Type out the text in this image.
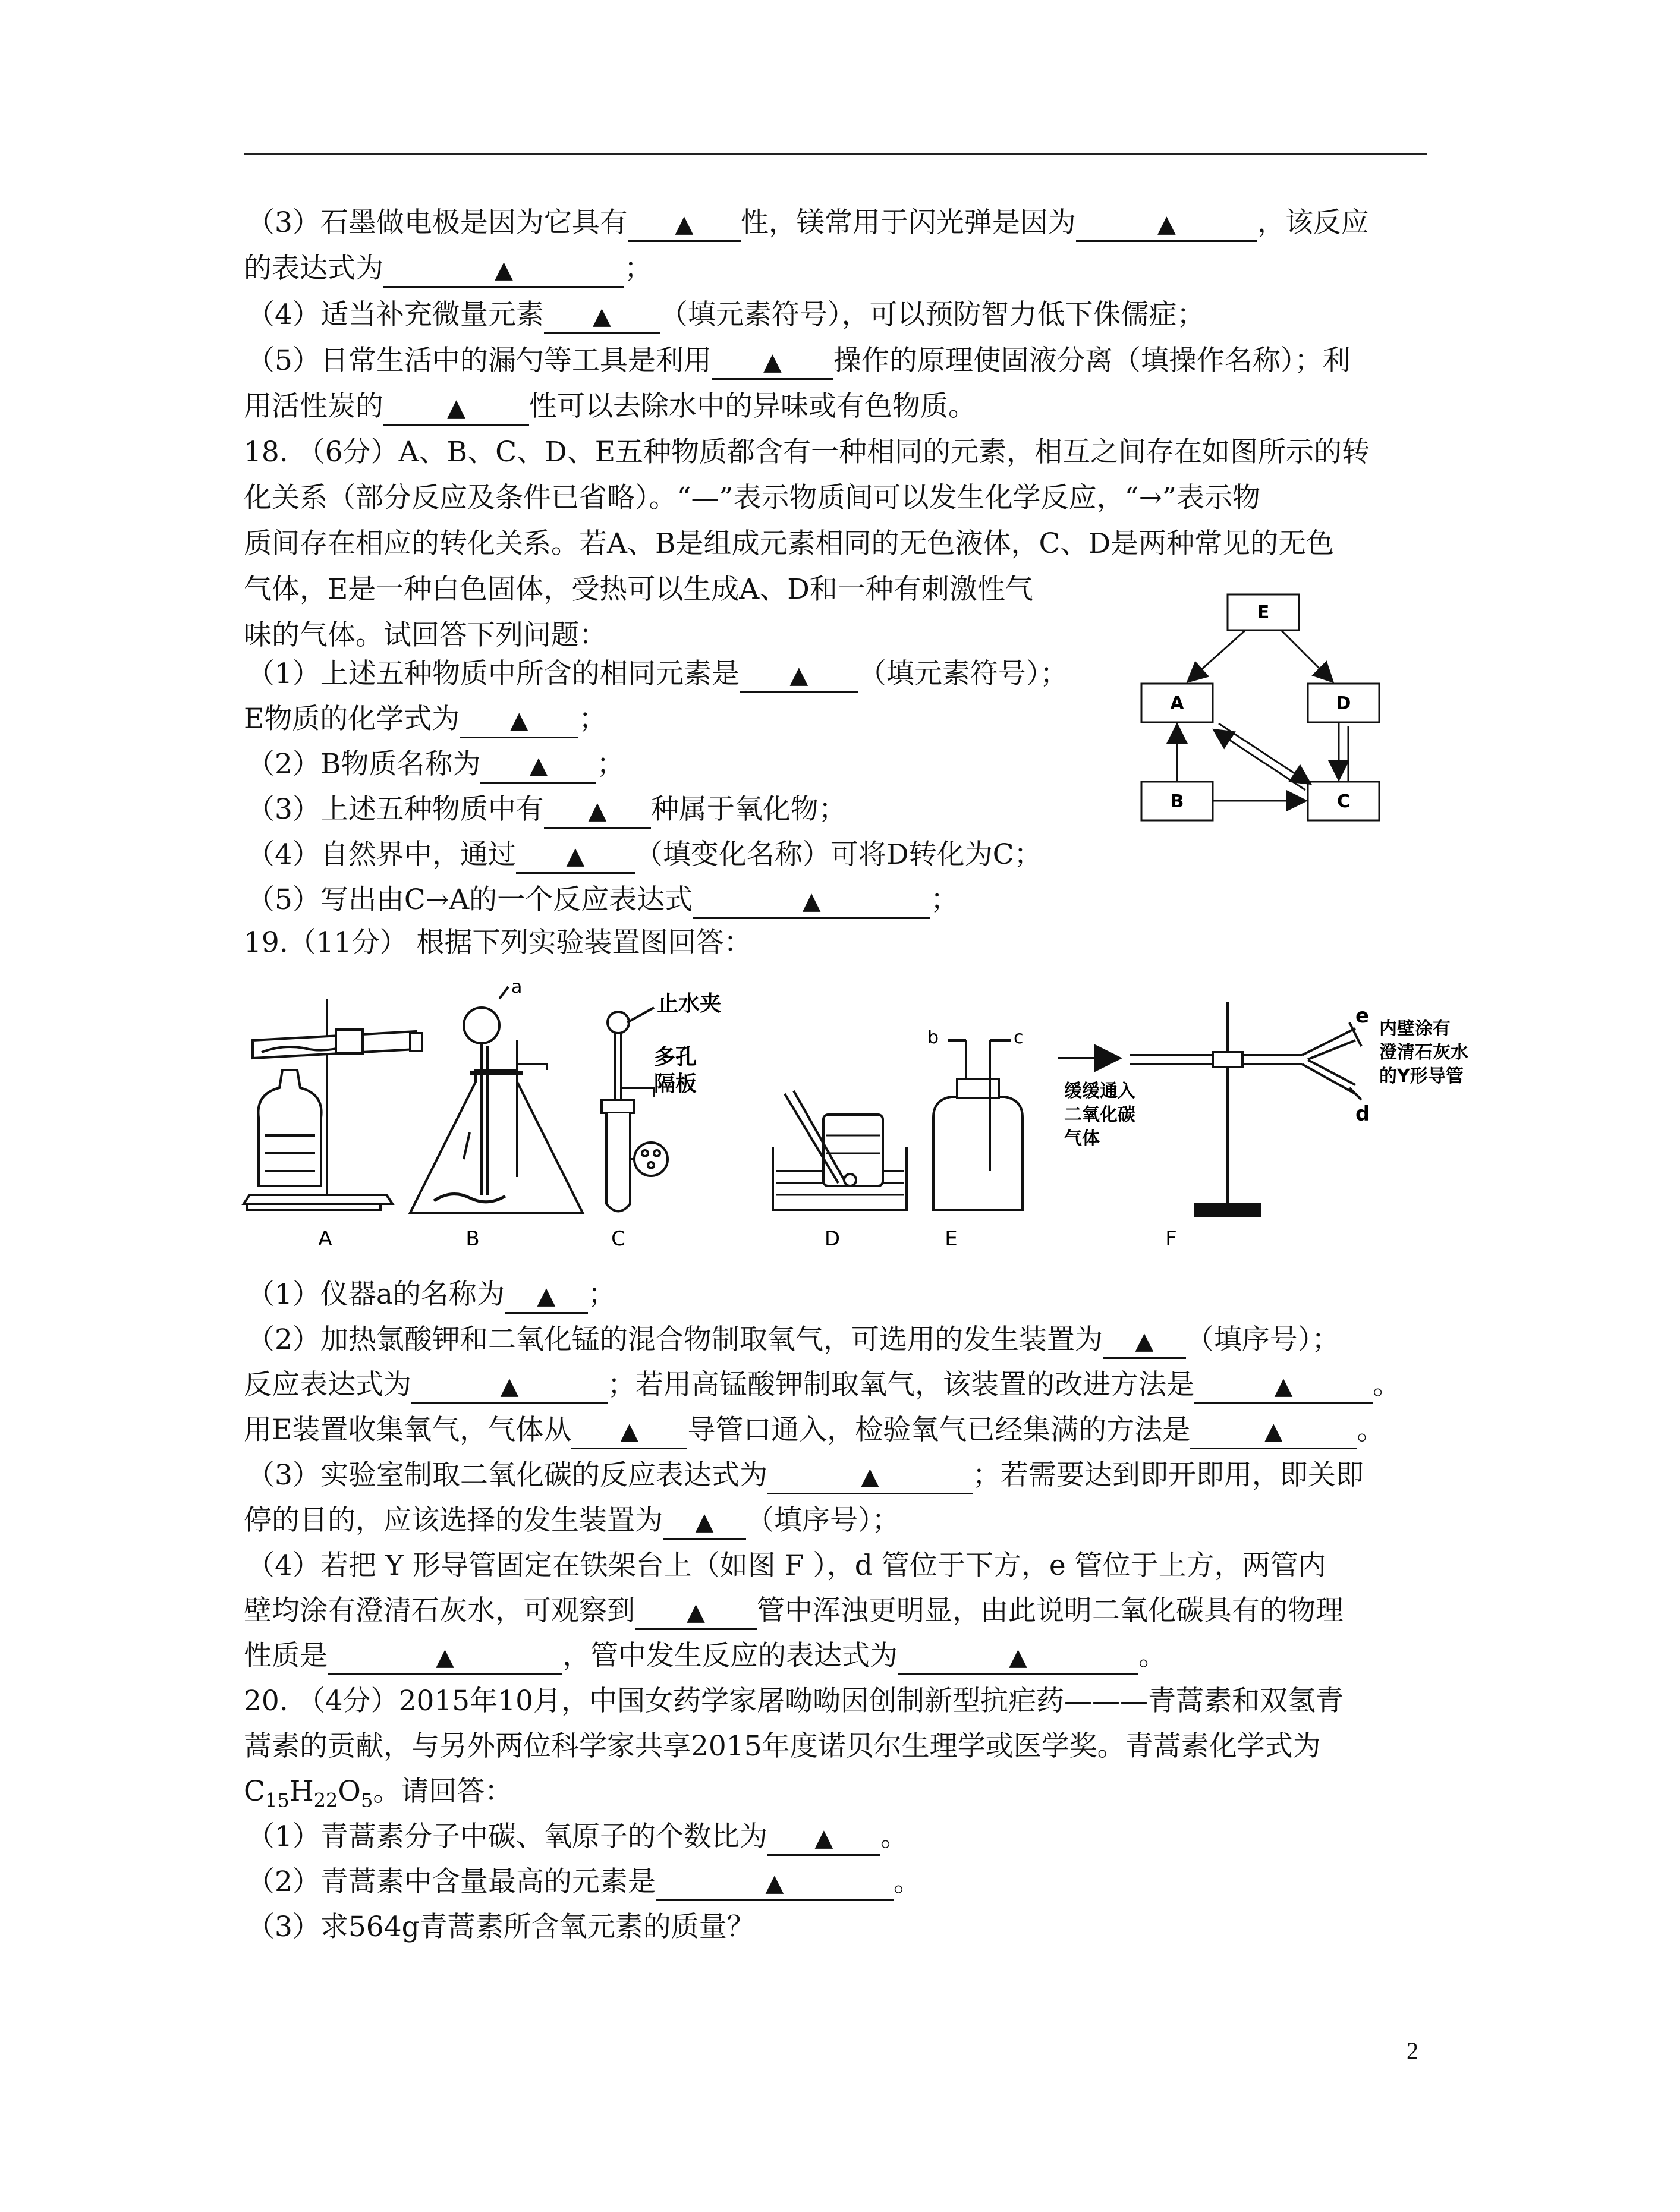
（3）石墨做电极是因为它具有 ▲ 性，镁常用于闪光弹是因为	▲	，该反应
的表达式为	▲	；
（4）适当补充微量元素 ▲ （填元素符号），可以预防智力低下侏儒症；
（5）日常生活中的漏勺等工具是利用 ▲ 操作的原理使固液分离（填操作名称）；利
用活性炭的	▲ 性可以去除水中的异味或有色物质。
18. （6分）A、B、C、D、E五种物质都含有一种相同的元素，相互之间存在如图所示的转
化关系（部分反应及条件已省略）。“—”表示物质间可以发生化学反应，“→”表示物
质间存在相应的转化关系。若A、B是组成元素相同的无色液体，C、D是两种常见的无色
气体，E是一种白色固体，受热可以生成A、D和一种有刺激性气
味的气体。试回答下列问题：
（1）上述五种物质中所含的相同元素是 ▲ （填元素符号）；
E物质的化学式为 ▲ ；
（2）B物质名称为 ▲ ；
（3）上述五种物质中有 ▲ 种属于氧化物；
（4）自然界中，通过 ▲ （填变化名称）可将D转化为C；
（5）写出由C→A的一个反应表达式	▲	；
E
A	D
B	C
19.（11分） 根据下列实验装置图回答：
a
止水夹
多孔
隔板
b	c
e
d
缓缓通入
二氧化碳
气体
内壁涂有
澄清石灰水
的Y形导管
A	B	C	D	E	F
（1）仪器a的名称为 ▲ ；
（2）加热氯酸钾和二氧化锰的混合物制取氧气，可选用的发生装置为 ▲ （填序号）；
反应表达式为	▲	；若用高锰酸钾制取氧气，该装置的改进方法是	▲	。
用E装置收集氧气，气体从 ▲ 导管口通入，检验氧气已经集满的方法是	▲	。
（3）实验室制取二氧化碳的反应表达式为	▲	；若需要达到即开即用，即关即
停的目的，应该选择的发生装置为 ▲ （填序号）；
（4）若把 Y 形导管固定在铁架台上（如图 F ），d 管位于下方，e 管位于上方，两管内
壁均涂有澄清石灰水，可观察到 ▲ 管中浑浊更明显，由此说明二氧化碳具有的物理
性质是	▲	，管中发生反应的表达式为	▲	。
20. （4分）2015年10月，中国女药学家屠呦呦因创制新型抗疟药———青蒿素和双氢青
蒿素的贡献，与另外两位科学家共享2015年度诺贝尔生理学或医学奖。青蒿素化学式为
$C_{15}H_{22}O_5$。请回答：
（1）青蒿素分子中碳、氧原子的个数比为 ▲ 。
（2）青蒿素中含量最高的元素是	▲	。
（3）求564g青蒿素所含氧元素的质量？
2
